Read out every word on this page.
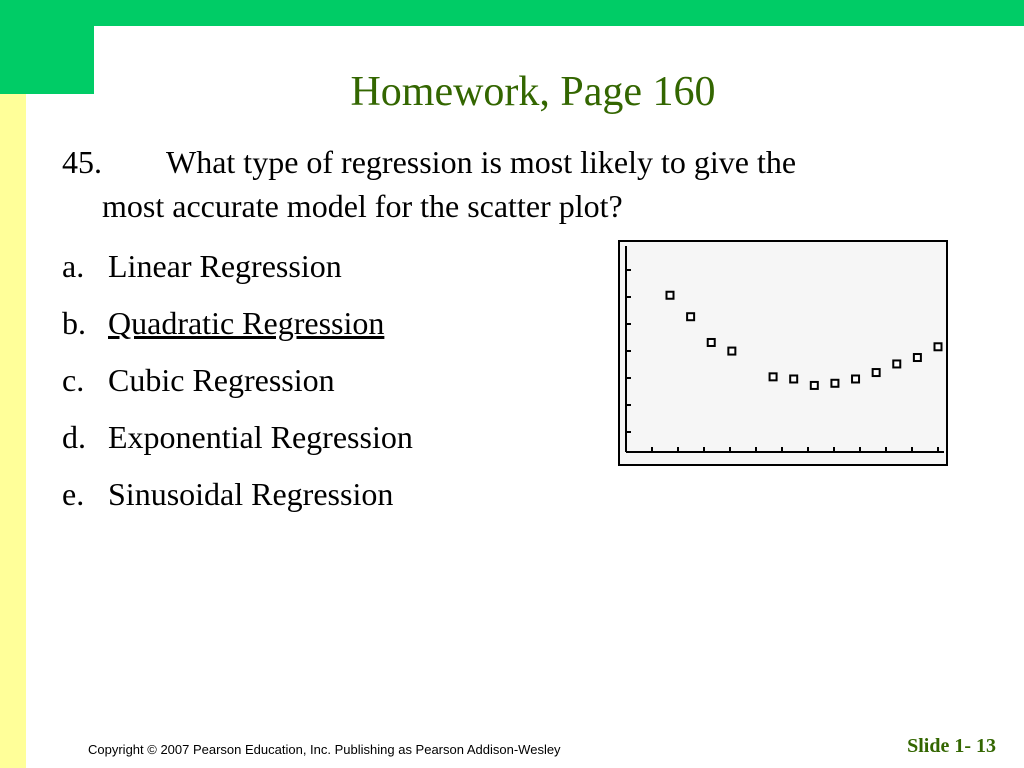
Homework, Page 160
45. What type of regression is most likely to give the
most accurate model for the scatter plot?
a. Linear Regression
b. Quadratic Regression
c. Cubic Regression
d. Exponential Regression
e. Sinusoidal Regression
Copyright © 2007 Pearson Education, Inc. Publishing as Pearson Addison-Wesley	Slide 1- 13
